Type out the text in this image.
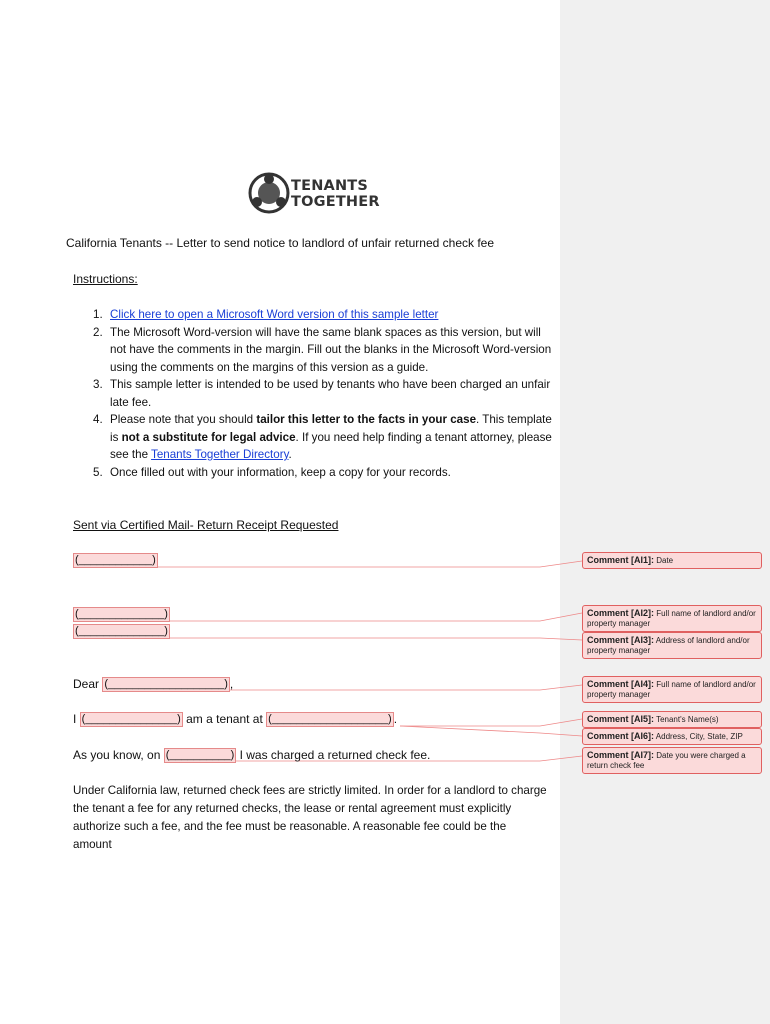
TENANTS
TOGETHER
California Tenants -- Letter to send notice to landlord of unfair returned check fee
Instructions:
1. Click here to open a Microsoft Word version of this sample letter
2. The Microsoft Word-version will have the same blank spaces as this version, but will not have the comments in the margin. Fill out the blanks in the Microsoft Word-version using the comments on the margins of this version as a guide.
3. This sample letter is intended to be used by tenants who have been charged an unfair late fee.
4. Please note that you should tailor this letter to the facts in your case. This template is not a substitute for legal advice. If you need help finding a tenant attorney, please see the Tenants Together Directory.
5. Once filled out with your information, keep a copy for your records.
Sent via Certified Mail- Return Receipt Requested
(____________)
(______________)
(______________)
Dear (___________________) ,
I (_______________) am a tenant at (___________________) .
As you know, on (__________) I was charged a returned check fee.
Under California law, returned check fees are strictly limited. In order for a landlord to charge the tenant a fee for any returned checks, the lease or rental agreement must explicitly authorize such a fee, and the fee must be reasonable. A reasonable fee could be the amount
Comment [AI1]: Date
Comment [AI2]: Full name of landlord and/or property manager
Comment [AI3]: Address of landlord and/or property manager
Comment [AI4]: Full name of landlord and/or property manager
Comment [AI5]: Tenant's Name(s)
Comment [AI6]: Address, City, State, ZIP
Comment [AI7]: Date you were charged a return check fee
